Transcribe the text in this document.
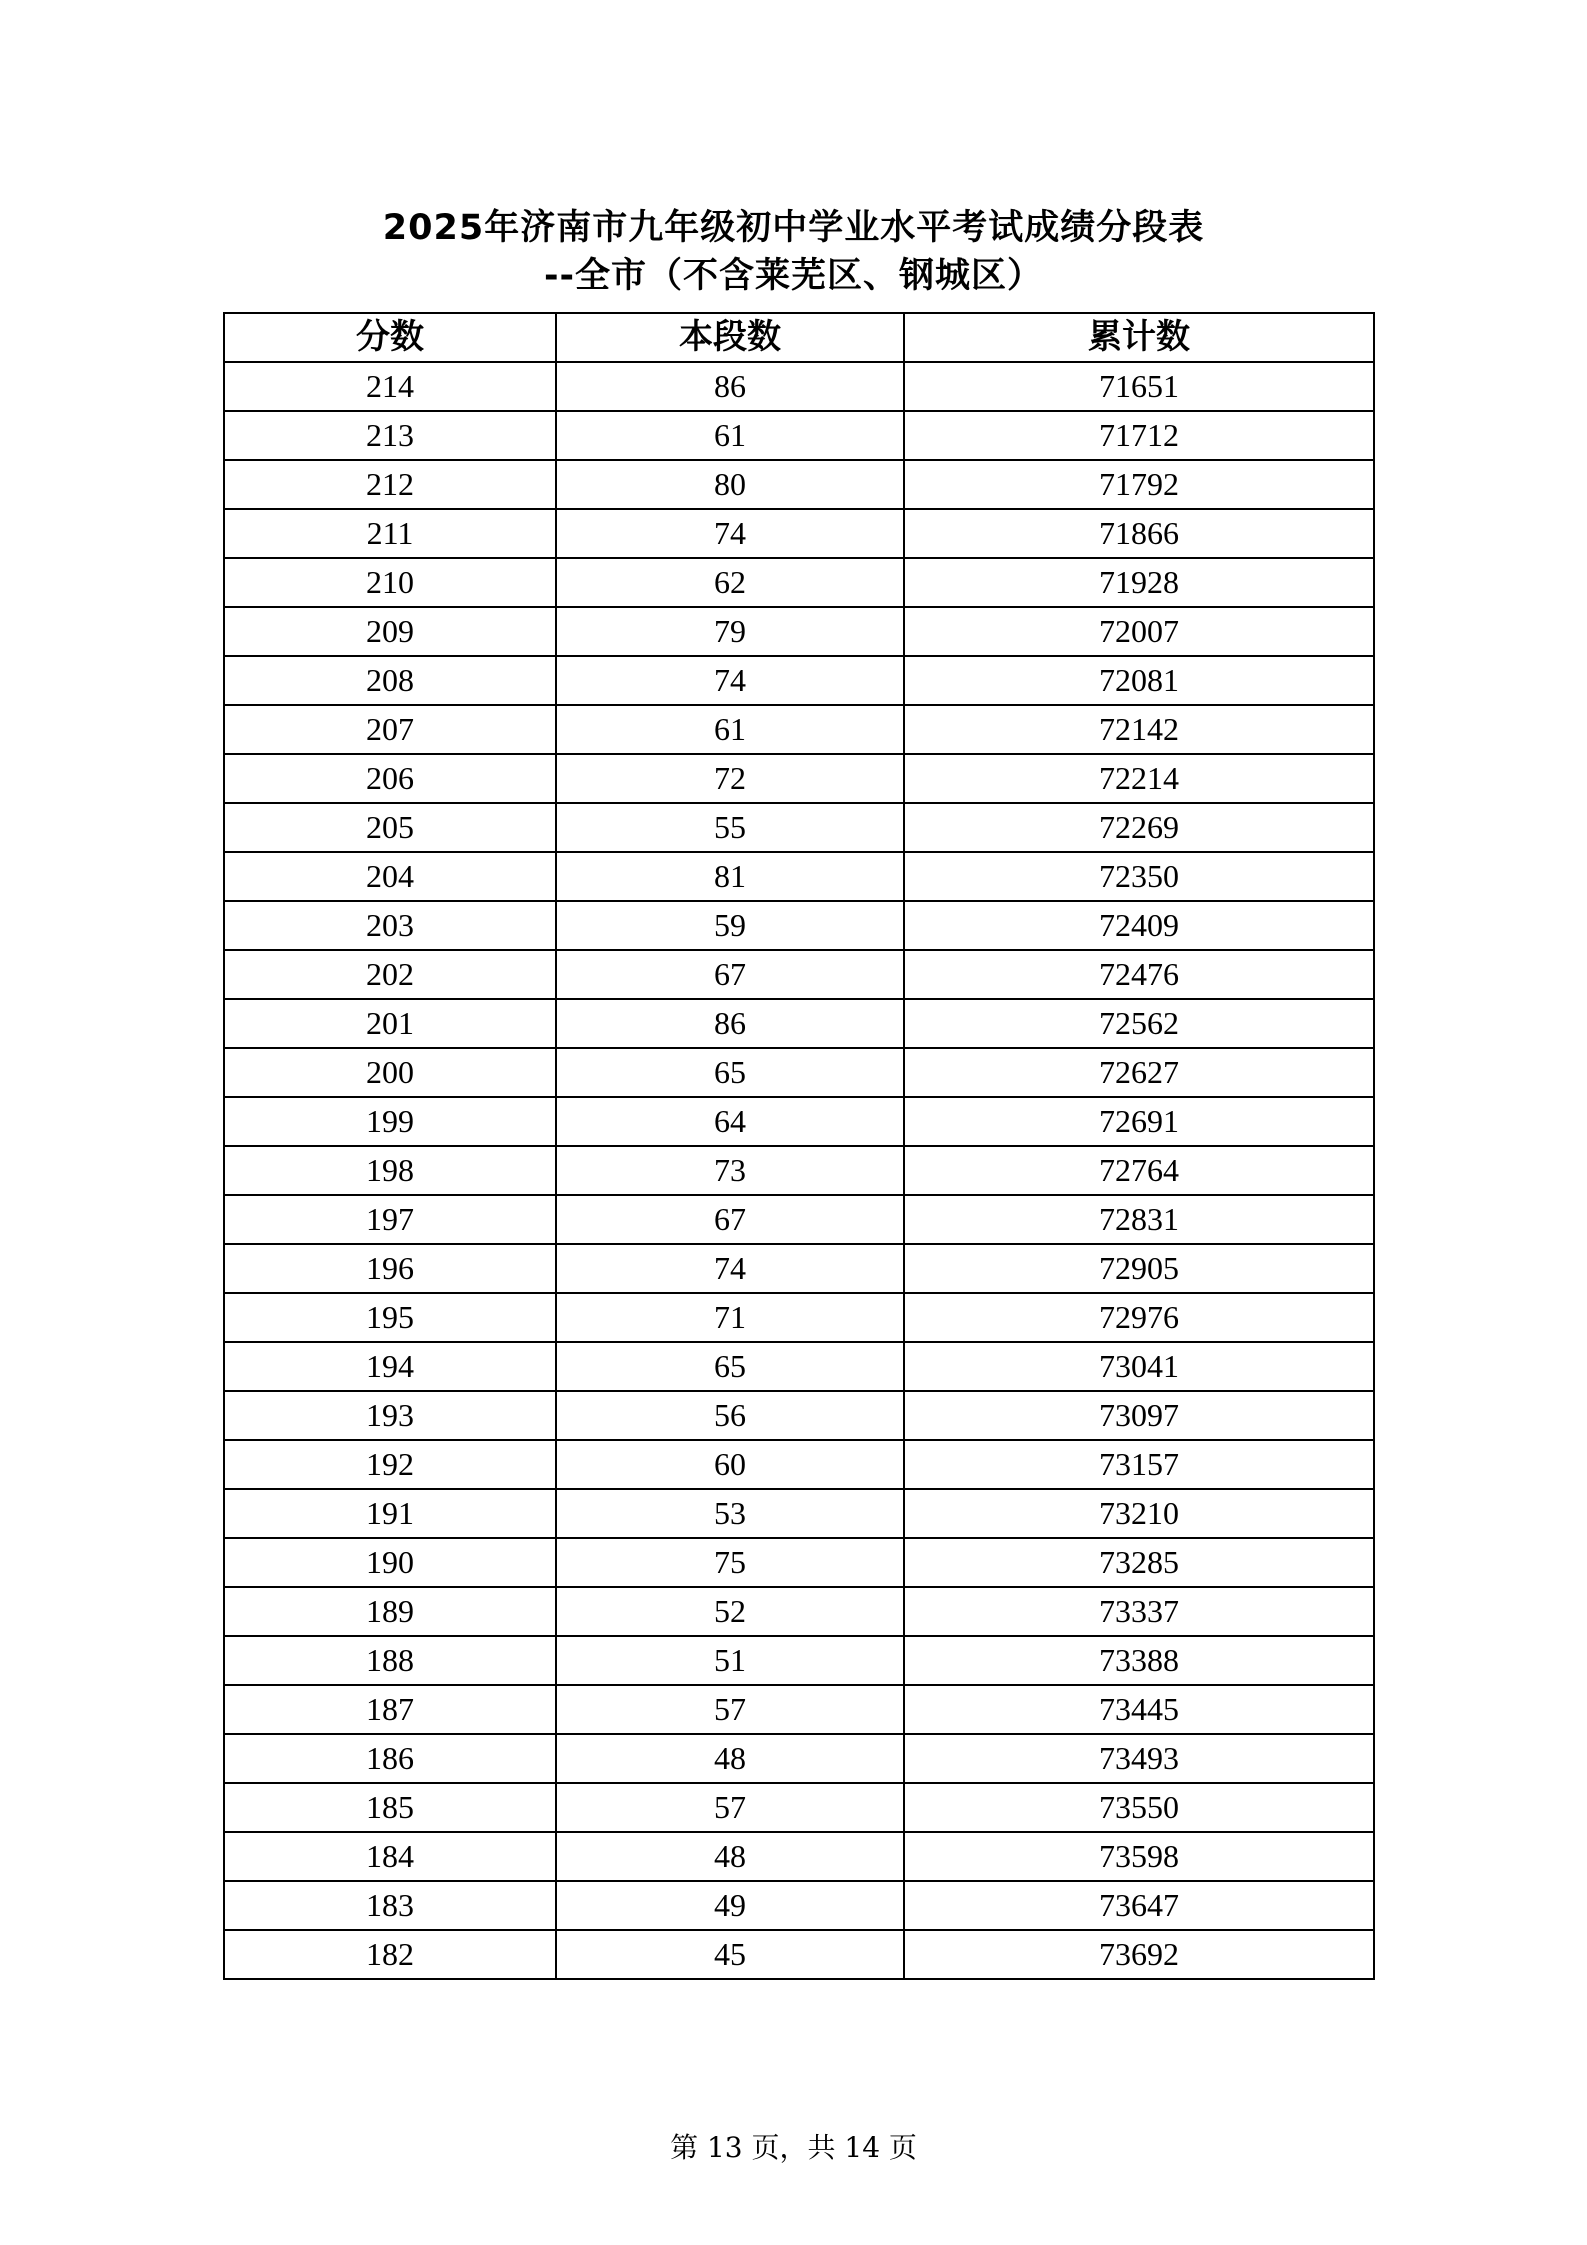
2025年济南市九年级初中学业水平考试成绩分段表
--全市（不含莱芜区、钢城区）
分数	本段数	累计数
214	86	71651
213	61	71712
212	80	71792
211	74	71866
210	62	71928
209	79	72007
208	74	72081
207	61	72142
206	72	72214
205	55	72269
204	81	72350
203	59	72409
202	67	72476
201	86	72562
200	65	72627
199	64	72691
198	73	72764
197	67	72831
196	74	72905
195	71	72976
194	65	73041
193	56	73097
192	60	73157
191	53	73210
190	75	73285
189	52	73337
188	51	73388
187	57	73445
186	48	73493
185	57	73550
184	48	73598
183	49	73647
182	45	73692
第 13 页，共 14 页
